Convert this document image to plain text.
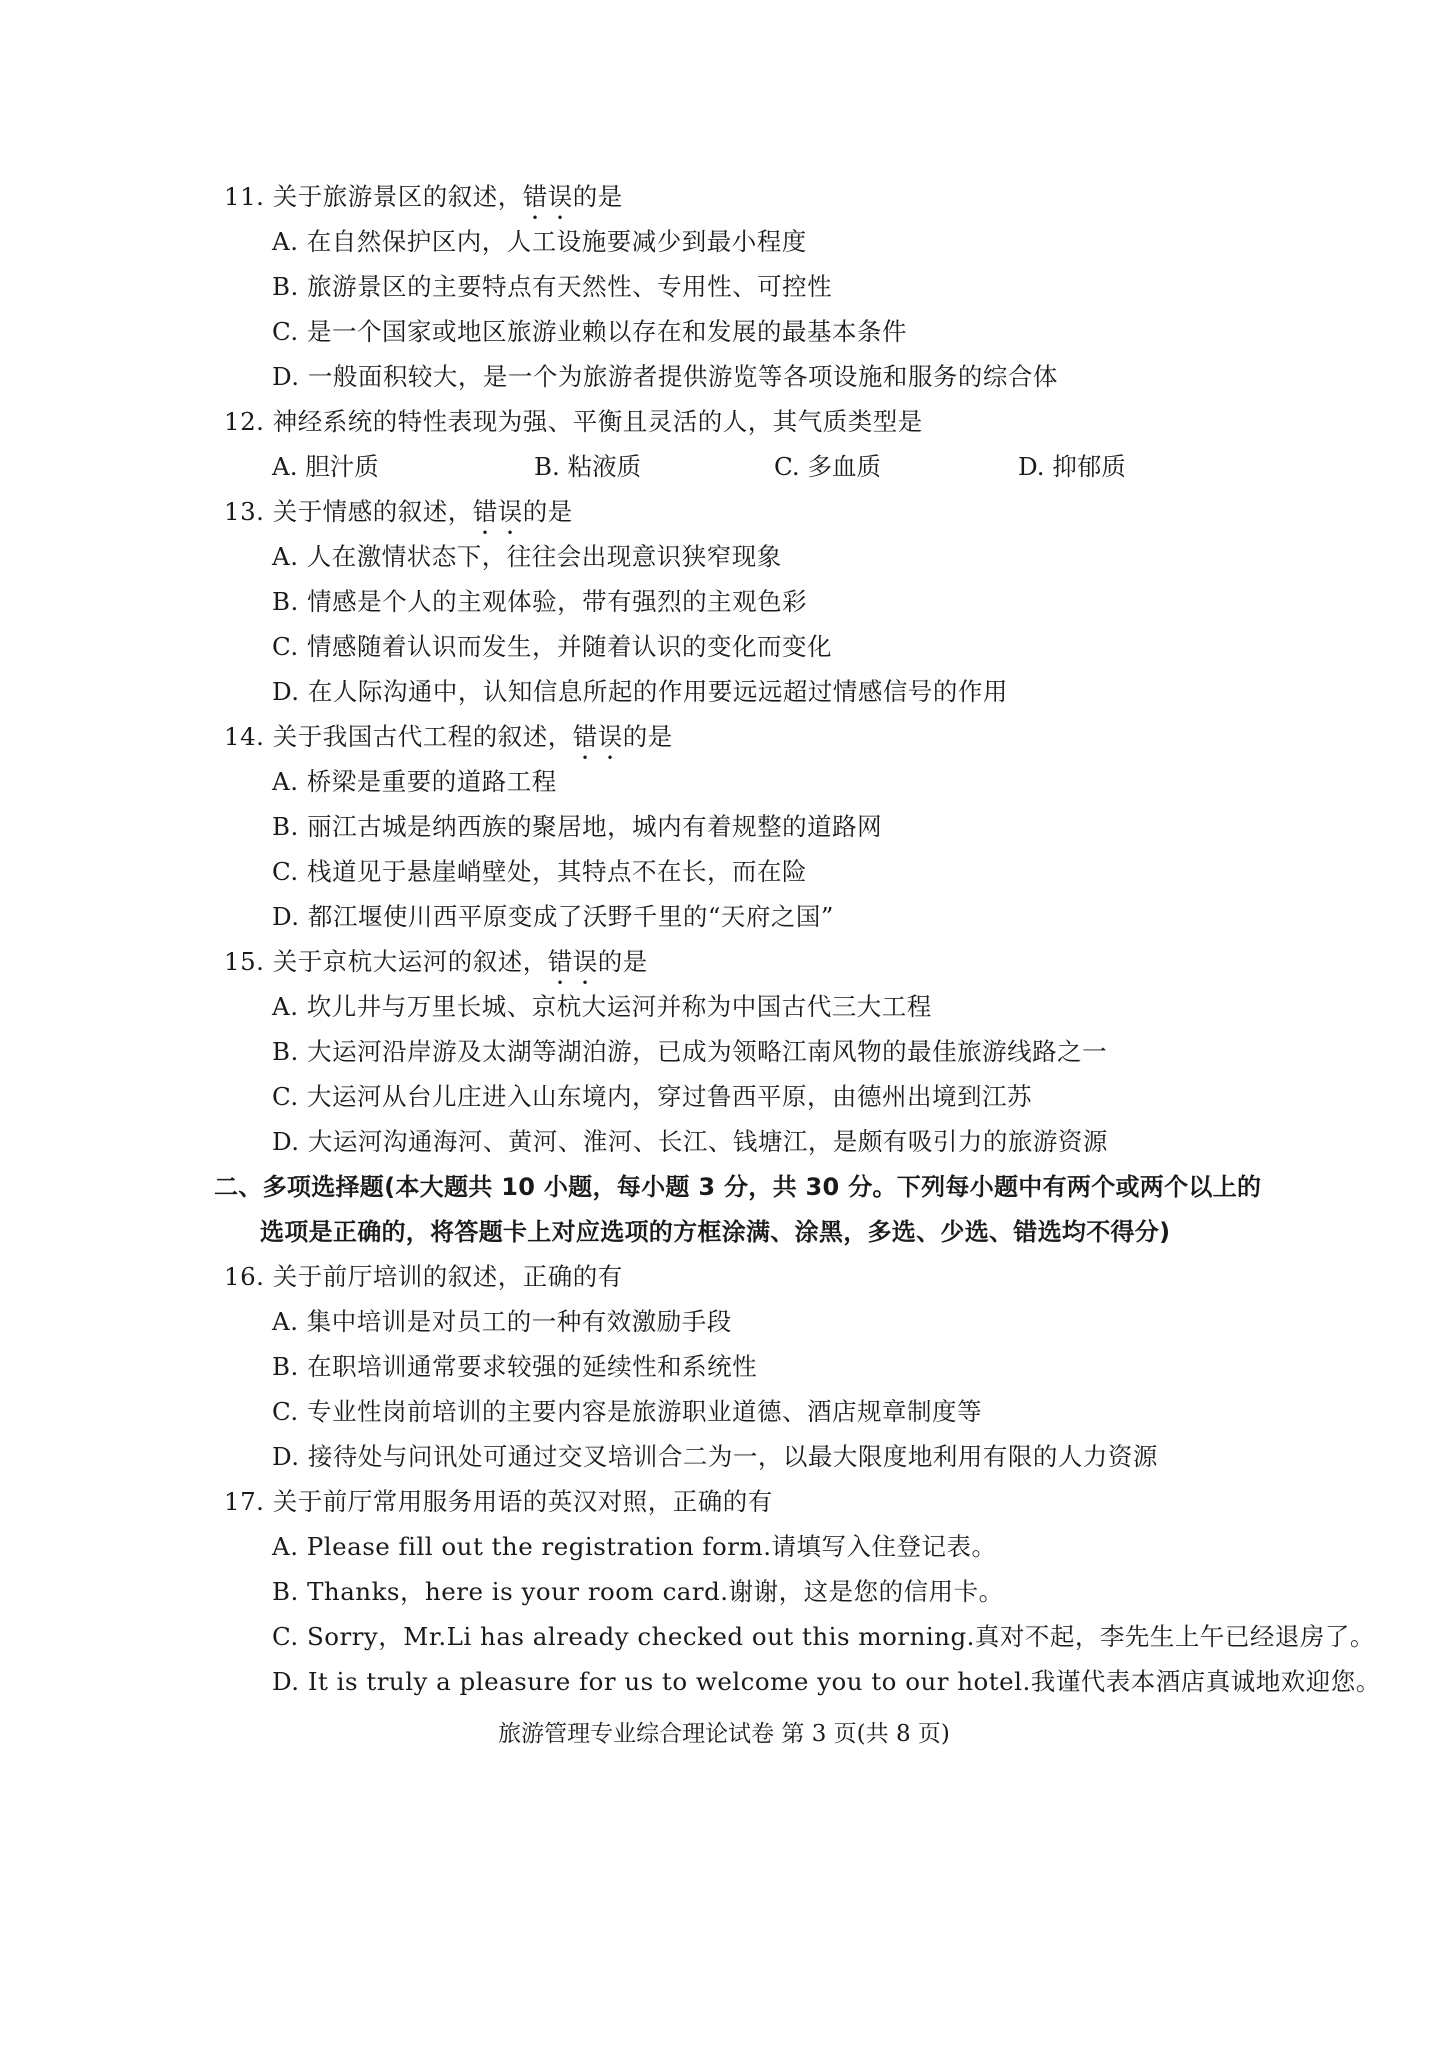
11. 关于旅游景区的叙述，错误的是
A. 在自然保护区内，人工设施要减少到最小程度
B. 旅游景区的主要特点有天然性、专用性、可控性
C. 是一个国家或地区旅游业赖以存在和发展的最基本条件
D. 一般面积较大，是一个为旅游者提供游览等各项设施和服务的综合体
12. 神经系统的特性表现为强、平衡且灵活的人，其气质类型是
A. 胆汁质	B. 粘液质	C. 多血质	D. 抑郁质
13. 关于情感的叙述，错误的是
A. 人在激情状态下，往往会出现意识狭窄现象
B. 情感是个人的主观体验，带有强烈的主观色彩
C. 情感随着认识而发生，并随着认识的变化而变化
D. 在人际沟通中，认知信息所起的作用要远远超过情感信号的作用
14. 关于我国古代工程的叙述，错误的是
A. 桥梁是重要的道路工程
B. 丽江古城是纳西族的聚居地，城内有着规整的道路网
C. 栈道见于悬崖峭壁处，其特点不在长，而在险
D. 都江堰使川西平原变成了沃野千里的“天府之国”
15. 关于京杭大运河的叙述，错误的是
A. 坎儿井与万里长城、京杭大运河并称为中国古代三大工程
B. 大运河沿岸游及太湖等湖泊游，已成为领略江南风物的最佳旅游线路之一
C. 大运河从台儿庄进入山东境内，穿过鲁西平原，由德州出境到江苏
D. 大运河沟通海河、黄河、淮河、长江、钱塘江，是颇有吸引力的旅游资源
二、多项选择题(本大题共 10 小题，每小题 3 分，共 30 分。下列每小题中有两个或两个以上的
选项是正确的，将答题卡上对应选项的方框涂满、涂黑，多选、少选、错选均不得分)
16. 关于前厅培训的叙述，正确的有
A. 集中培训是对员工的一种有效激励手段
B. 在职培训通常要求较强的延续性和系统性
C. 专业性岗前培训的主要内容是旅游职业道德、酒店规章制度等
D. 接待处与问讯处可通过交叉培训合二为一，以最大限度地利用有限的人力资源
17. 关于前厅常用服务用语的英汉对照，正确的有
A. Please fill out the registration form.请填写入住登记表。
B. Thanks，here is your room card.谢谢，这是您的信用卡。
C. Sorry，Mr.Li has already checked out this morning.真对不起，李先生上午已经退房了。
D. It is truly a pleasure for us to welcome you to our hotel.我谨代表本酒店真诚地欢迎您。
旅游管理专业综合理论试卷 第 3 页(共 8 页)
